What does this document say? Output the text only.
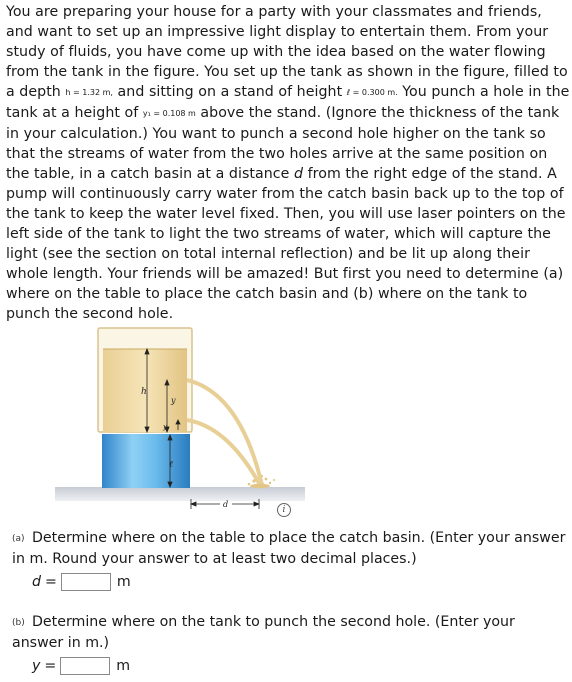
You are preparing your house for a party with your classmates and friends, and want to set up an impressive light display to entertain them. From your study of fluids, you have come up with the idea based on the water flowing from the tank in the figure. You set up the tank as shown in the figure, filled to a depth h = 1.32 m, and sitting on a stand of height ℓ = 0.300 m. You punch a hole in the tank at a height of y₁ = 0.108 m above the stand. (Ignore the thickness of the tank in your calculation.) You want to punch a second hole higher on the tank so that the streams of water from the two holes arrive at the same position on the table, in a catch basin at a distance d from the right edge of the stand. A pump will continuously carry water from the catch basin back up to the top of the tank to keep the water level fixed. Then, you will use laser pointers on the left side of the tank to light the two streams of water, which will capture the light (see the section on total internal reflection) and be lit up along their whole length. Your friends will be amazed! But first you need to determine (a) where on the table to place the catch basin and (b) where on the tank to punch the second hole.

h
y
y₁
ℓ
d
i
(a) Determine where on the table to place the catch basin. (Enter your answer in m. Round your answer to at least two decimal places.)
d =	m
(b) Determine where on the tank to punch the second hole. (Enter your answer in m.)
y =	m
